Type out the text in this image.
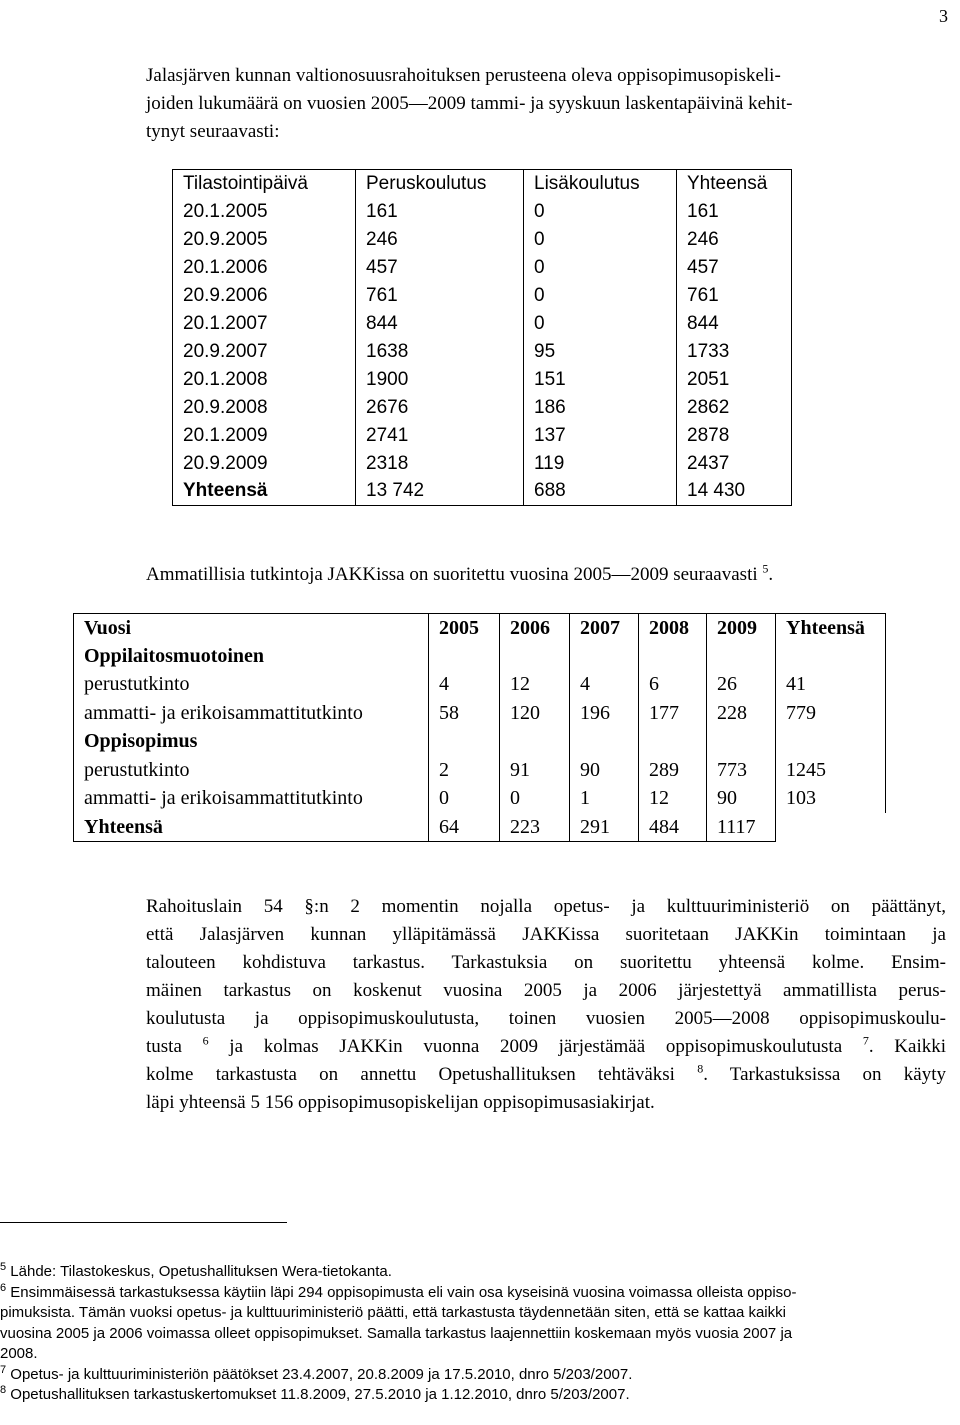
3
Jalasjärven kunnan valtionosuusrahoituksen perusteena oleva oppisopimusopiskeli-
joiden lukumäärä on vuosien 2005—2009 tammi- ja syyskuun laskentapäivinä kehit-
tynyt seuraavasti:
Tilastointipäivä	Peruskoulutus	Lisäkoulutus	Yhteensä
20.1.2005	161	0	161
20.9.2005	246	0	246
20.1.2006	457	0	457
20.9.2006	761	0	761
20.1.2007	844	0	844
20.9.2007	1638	95	1733
20.1.2008	1900	151	2051
20.9.2008	2676	186	2862
20.1.2009	2741	137	2878
20.9.2009	2318	119	2437
Yhteensä	13 742	688	14 430
Ammatillisia tutkintoja JAKKissa on suoritettu vuosina 2005—2009 seuraavasti $^5$.
Vuosi	2005	2006	2007	2008	2009	Yhteensä
Oppilaitosmuotoinen						
perustutkinto	4	12	4	6	26	41
ammatti- ja erikoisammattitutkinto	58	120	196	177	228	779
Oppisopimus						
perustutkinto	2	91	90	289	773	1245
ammatti- ja erikoisammattitutkinto	0	0	1	12	90	103
Yhteensä	64	223	291	484	1117	
Rahoituslain 54 §:n 2 momentin nojalla opetus- ja kulttuuriministeriö on päättänyt,
että Jalasjärven kunnan ylläpitämässä JAKKissa suoritetaan JAKKin toimintaan ja
talouteen kohdistuva tarkastus. Tarkastuksia on suoritettu yhteensä kolme. Ensim-
mäinen tarkastus on koskenut vuosina 2005 ja 2006 järjestettyä ammatillista perus-
koulutusta ja oppisopimuskoulutusta, toinen vuosien 2005—2008 oppisopimuskoulu-
tusta $^6$ ja kolmas JAKKin vuonna 2009 järjestämää oppisopimuskoulutusta $^7$. Kaikki
kolme tarkastusta on annettu Opetushallituksen tehtäväksi $^8$. Tarkastuksissa on käyty
läpi yhteensä 5 156 oppisopimusopiskelijan oppisopimusasiakirjat.
$^5$ Lähde: Tilastokeskus, Opetushallituksen Wera-tietokanta.
$^6$ Ensimmäisessä tarkastuksessa käytiin läpi 294 oppisopimusta eli vain osa kyseisinä vuosina voimassa olleista oppiso-
pimuksista. Tämän vuoksi opetus- ja kulttuuriministeriö päätti, että tarkastusta täydennetään siten, että se kattaa kaikki
vuosina 2005 ja 2006 voimassa olleet oppisopimukset. Samalla tarkastus laajennettiin koskemaan myös vuosia 2007 ja
2008.
$^7$ Opetus- ja kulttuuriministeriön päätökset 23.4.2007, 20.8.2009 ja 17.5.2010, dnro 5/203/2007.
$^8$ Opetushallituksen tarkastuskertomukset 11.8.2009, 27.5.2010 ja 1.12.2010, dnro 5/203/2007.
